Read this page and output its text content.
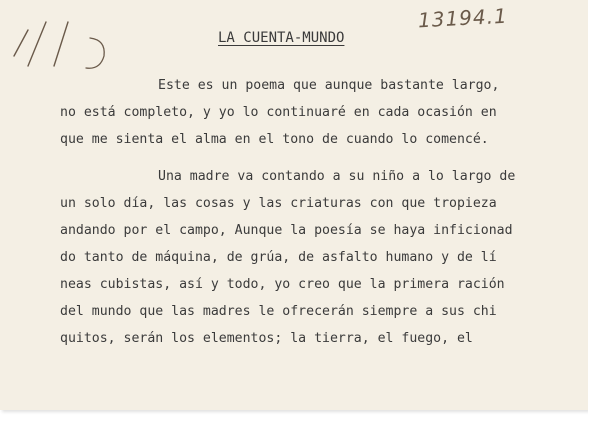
13194.1
LA CUENTA-MUNDO
Este es un poema que aunque bastante largo,
no está completo, y yo lo continuaré en cada ocasión en
que me sienta el alma en el tono de cuando lo comencé.
Una madre va contando a su niño a lo largo de
un solo día, las cosas y las criaturas con que tropieza
andando por el campo, Aunque la poesía se haya inficionad
do tanto de máquina, de grúa, de asfalto humano y de lí
neas cubistas, así y todo, yo creo que la primera ración
del mundo que las madres le ofrecerán siempre a sus chi
quitos, serán los elementos; la tierra, el fuego, el
